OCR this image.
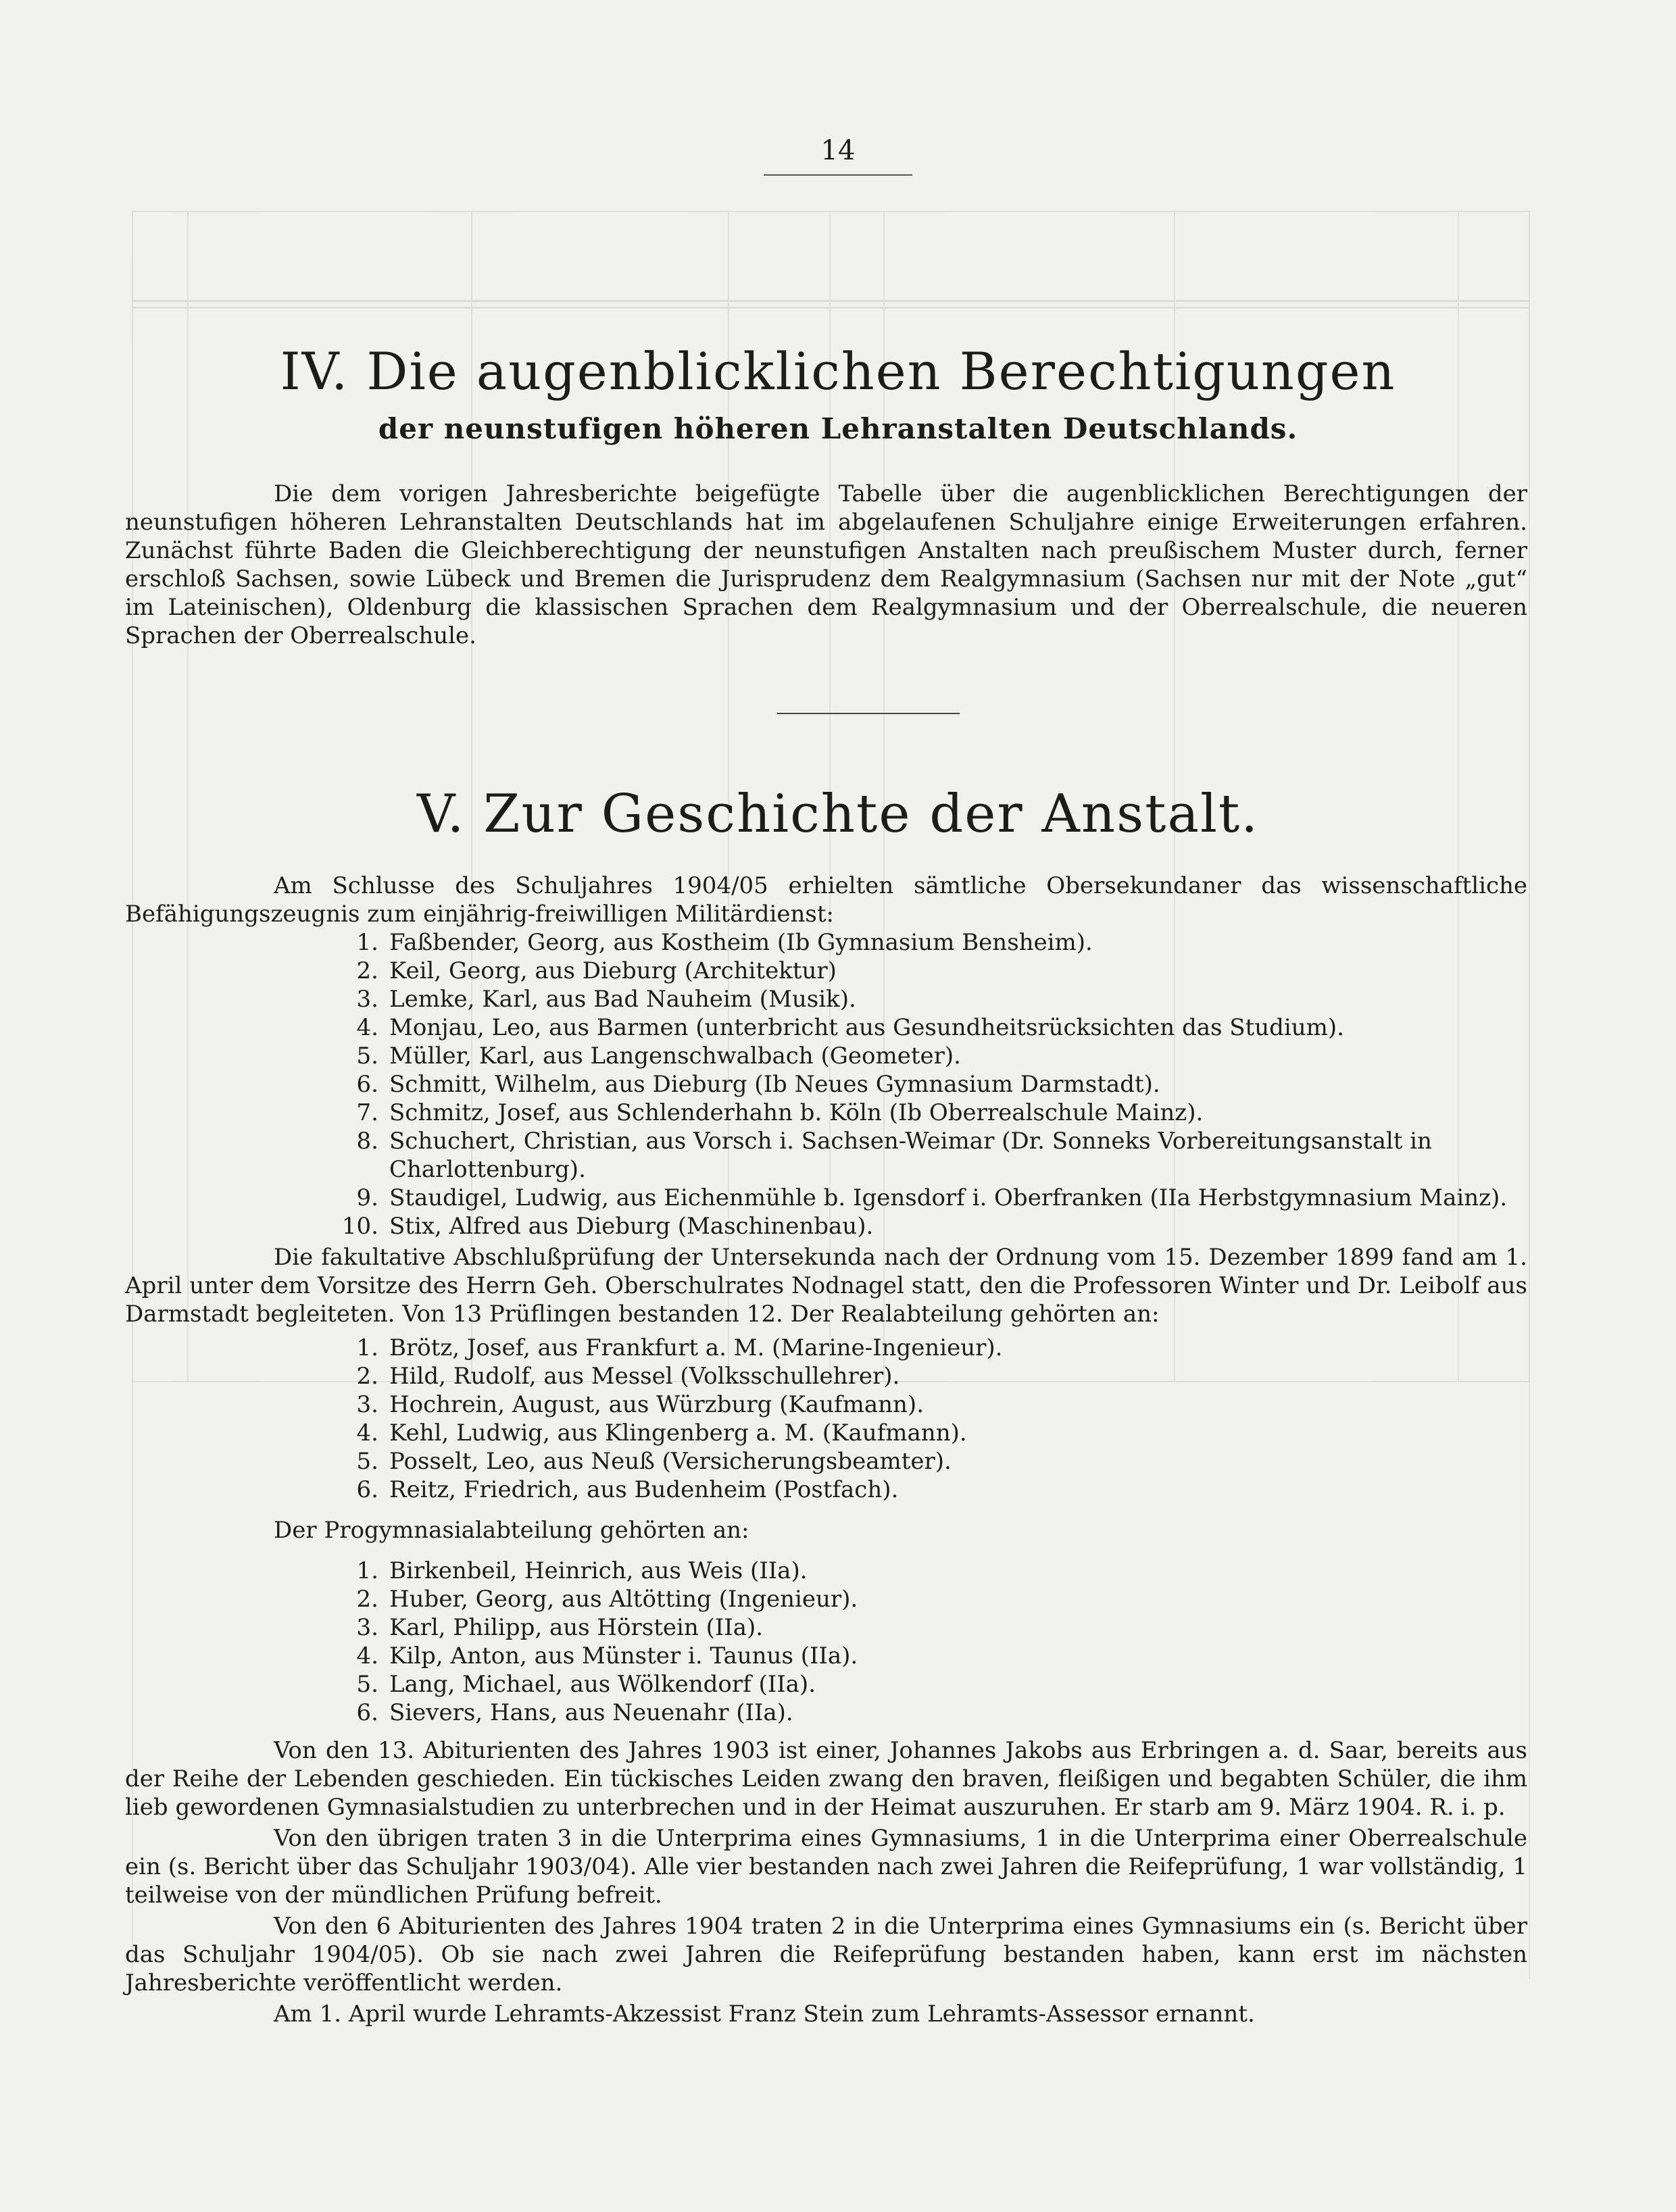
14
IV. Die augenblicklichen Berechtigungen
der neunstufigen höheren Lehranstalten Deutschlands.
Die dem vorigen Jahresberichte beigefügte Tabelle über die augenblicklichen Berechtigungen der neunstufigen höheren Lehranstalten Deutschlands hat im abgelaufenen Schuljahre einige Erweiterungen erfahren. Zunächst führte Baden die Gleichberechtigung der neunstufigen Anstalten nach preußischem Muster durch, ferner erschloß Sachsen, sowie Lübeck und Bremen die Jurisprudenz dem Realgymnasium (Sachsen nur mit der Note „gut“ im Lateinischen), Oldenburg die klassischen Sprachen dem Realgymnasium und der Oberrealschule, die neueren Sprachen der Oberrealschule.
V. Zur Geschichte der Anstalt.
Am Schlusse des Schuljahres 1904/05 erhielten sämtliche Obersekundaner das wissenschaftliche Befähigungszeugnis zum einjährig-freiwilligen Militärdienst:
1. Faßbender, Georg, aus Kostheim (Ib Gymnasium Bensheim).
2. Keil, Georg, aus Dieburg (Architektur)
3. Lemke, Karl, aus Bad Nauheim (Musik).
4. Monjau, Leo, aus Barmen (unterbricht aus Gesundheitsrücksichten das Studium).
5. Müller, Karl, aus Langenschwalbach (Geometer).
6. Schmitt, Wilhelm, aus Dieburg (Ib Neues Gymnasium Darmstadt).
7. Schmitz, Josef, aus Schlenderhahn b. Köln (Ib Oberrealschule Mainz).
8. Schuchert, Christian, aus Vorsch i. Sachsen-Weimar (Dr. Sonneks Vorbereitungsanstalt in
Charlottenburg).
9. Staudigel, Ludwig, aus Eichenmühle b. Igensdorf i. Oberfranken (IIa Herbstgymnasium Mainz).
10. Stix, Alfred aus Dieburg (Maschinenbau).
Die fakultative Abschlußprüfung der Untersekunda nach der Ordnung vom 15. Dezember 1899 fand am 1. April unter dem Vorsitze des Herrn Geh. Oberschulrates Nodnagel statt, den die Professoren Winter und Dr. Leibolf aus Darmstadt begleiteten. Von 13 Prüflingen bestanden 12. Der Realabteilung gehörten an:
1. Brötz, Josef, aus Frankfurt a. M. (Marine-Ingenieur).
2. Hild, Rudolf, aus Messel (Volksschullehrer).
3. Hochrein, August, aus Würzburg (Kaufmann).
4. Kehl, Ludwig, aus Klingenberg a. M. (Kaufmann).
5. Posselt, Leo, aus Neuß (Versicherungsbeamter).
6. Reitz, Friedrich, aus Budenheim (Postfach).
Der Progymnasialabteilung gehörten an:
1. Birkenbeil, Heinrich, aus Weis (IIa).
2. Huber, Georg, aus Altötting (Ingenieur).
3. Karl, Philipp, aus Hörstein (IIa).
4. Kilp, Anton, aus Münster i. Taunus (IIa).
5. Lang, Michael, aus Wölkendorf (IIa).
6. Sievers, Hans, aus Neuenahr (IIa).
Von den 13. Abiturienten des Jahres 1903 ist einer, Johannes Jakobs aus Erbringen a. d. Saar, bereits aus der Reihe der Lebenden geschieden. Ein tückisches Leiden zwang den braven, fleißigen und begabten Schüler, die ihm lieb gewordenen Gymnasialstudien zu unterbrechen und in der Heimat auszuruhen. Er starb am 9. März 1904. R. i. p.
Von den übrigen traten 3 in die Unterprima eines Gymnasiums, 1 in die Unterprima einer Oberrealschule ein (s. Bericht über das Schuljahr 1903/04). Alle vier bestanden nach zwei Jahren die Reifeprüfung, 1 war vollständig, 1 teilweise von der mündlichen Prüfung befreit.
Von den 6 Abiturienten des Jahres 1904 traten 2 in die Unterprima eines Gymnasiums ein (s. Bericht über das Schuljahr 1904/05). Ob sie nach zwei Jahren die Reifeprüfung bestanden haben, kann erst im nächsten Jahresberichte veröffentlicht werden.
Am 1. April wurde Lehramts-Akzessist Franz Stein zum Lehramts-Assessor ernannt.
